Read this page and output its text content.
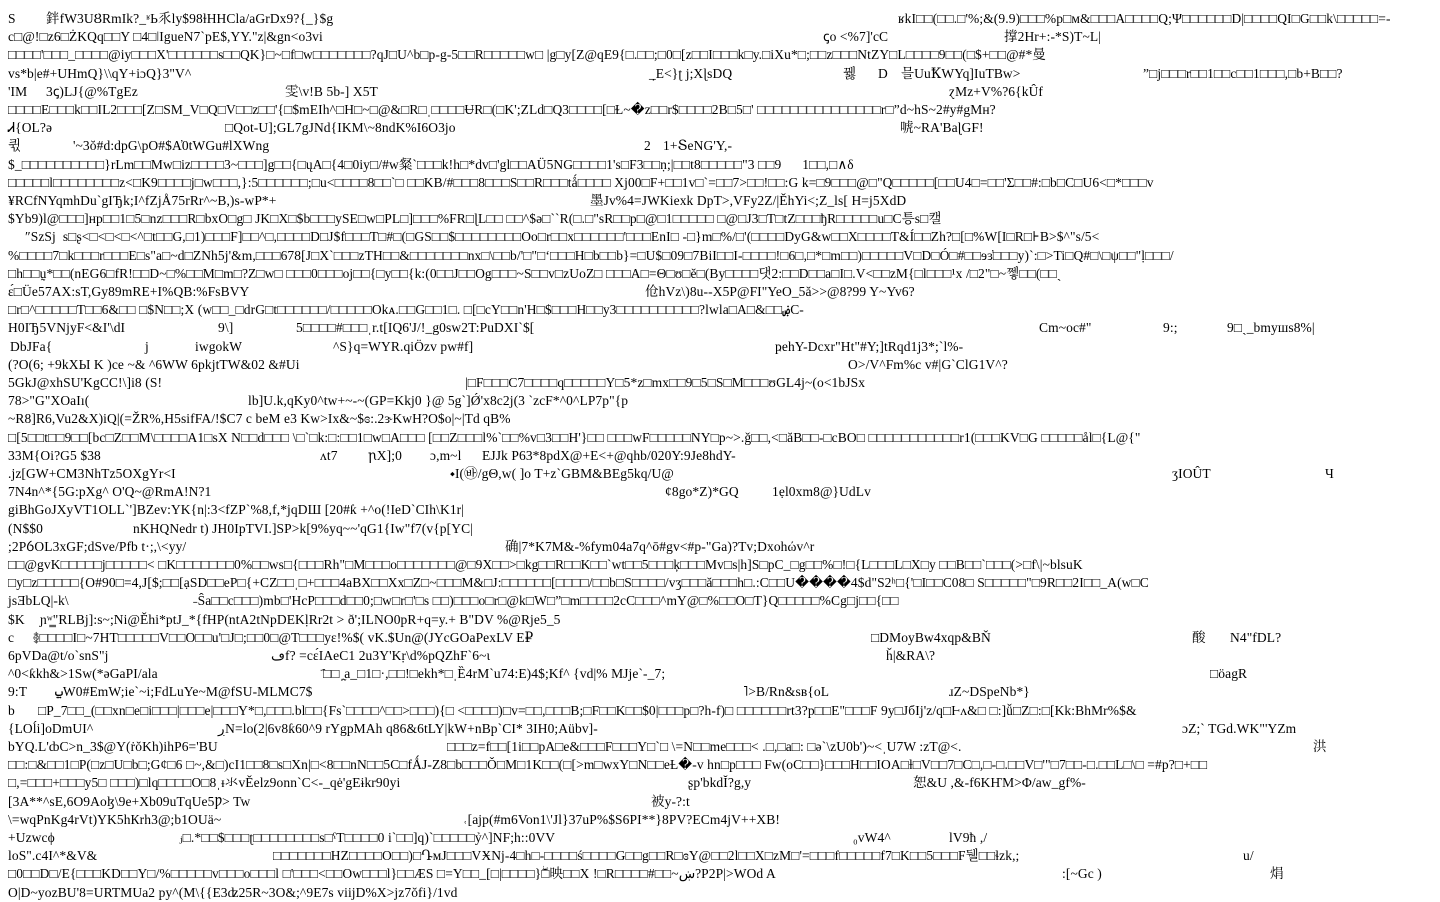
S 鉡fW3UȢRmIk?_ʶЬ乑ly$98ɫHHCla/aGrDx9?{_}$g	ʁkI□□(□□.□'%;&(9.9)□□□%p□м&□□□A□□□□Q;Ψ□□□□□□D|□□□□QI□G□□k\□□□□□=-
c□@!□z6□ŻKQq□□Y □4□ǀIgueN7`pE$,YY."z|&gn<o3vi	ꞔo <%7]'cC	撑2Hr+:-*S)T~L|
□□□□'□□□_□□□□@iy□□□X'□□□□□□s□□QK}□~□f□w□□□□□□□?qJ□U^b□p-g-5□□R□□□□□w□ |g□y[Z@qE9{□.□□;□0□[z□□I□□□k□y.□iXu*□;□□z□□□NtZY□L□□□□9□□(□$+□□@#*曼
vs*b|e#+UHmQ}\\qY+iɔQ}3"V^	݂_E<}ʈ j;XɭsDQ	꿿 D 믈UuꝀWYq]IuTBw>	”□j□□□r□□1□□c□□1□□□,□b+B□□?
'IM 3ꞔ)LJ{@%TgEz	雯\v!B 5b-] X5T	ɀMz+V%?6{kÛf
□□□□E□□□k□□IL2□□□[Z□SM_V□Q□V□□z□□'{□$mEIh^□H□~□@&□R□ˌ□□□□ɄR□(□K';ZLd□Q3□□□□[□Ɫ~�z□□r$□□□□2B□5□' □□□□□□□□□□□□□□□r□ˮd~hS~2#y#gMн?
Ꮧ{OL?ǝ	□Qot-U];GL7gJNd{IKM\~8ndK%I6O3jo	唬~RA'BaɭGF!
퀷	'~3ŏ#d:dpG\pO#$A̓0tWGu#lXWng	2 1+ՏeNG'Y,-
$_□□□□□□□□□□}rLm□□Mw□iz□□□□3~□□□]g□□{□ųA□{4□0iy□/#w粲`□□□k!h□*dv□'gl□□AÜ5NG□□□□1's□F3□□ṇ;|□□t8□□□□□"3 □□9      1□□,□∧δ
□□□□□l□□□□□□□□z<□K9□□□□j□w□□□,}:5□□□□□□;□u<□□□□8□□`□ □□KB/#□□□8□□□S□□R□□□tǻ□□□□ Xj00□F+□□1v□`=□□7>□□!□□:G k=□9□□□@□"Q□□□□□[□□U4□=□□'Σ□□#:□b□C□U6<□*□□□v
¥RCfNYqmhDu`gIЂk;I^fZjÅ75rRr^~B,)s-wP*+	墨Jv%4=JWKiexk DpT>,VFy2Z/|ĚhYi<;Z_ls[ H=j5XdD
$Yb9)l@□□□]нp□□1□5□nz□□□R□bxO□g□ JK□X□$b□□□ySE□w□PL□]□□□%FR□ɭL□□ □□^$ǝ□``R(□.□"sR□□p□@□1□□□□□ □@□J3□T□tZ□□□ђR□□□□□u□C틍s□캘
″SzSj  s□ʂ<□<□<□<^□t□□G,□1)□□□F]□□^□,□□□□D□J$f□□□T□#□(□GS□□$□□□□□□□□Oo□r□□x□□□□□□'□□□EnI□ -□}m□%/□'(□□□□DyG&w□□X□□□□T&Í□□Zh?□[□%W[I□R□⊦B>$^"s/5<
%□□□□7□k□□□r□□□E□s"a□~d□ZNh5j'&m,□□□678[J□X`□□□zTH□□&□□□□□□□nx□\□□b/'□"□ʻ□□□H□b□□b}=□U$□09□7BiI□□I-□□□□!□6□,□*□m□□)□□□□□V□D□Ó□#□□ɘɜ̓□□□y)`:□>Ti□Q#□\□ψ□□"ḷ□□□/
□h□□ṵ*□□(nEG6□fR!□□D~□%□□M□m□?Z□w□ □□□0□□□oj□□{□y□□{k:(0□□J□□Og□□□~S□□v□zUoZ□ □□□A□=Θ□ʊ□ĕ□(By□□□□댓2:□□D□□a□I□.V<□□ᴢM{□l□□□¹x /□2"□~쪃□□(□□ˏ
ɛ́□Üe57AX:sT,Gy89mRE+I%QB:%FsBVY	伧hVz\)8u--X5P@FI"YeO_5ă>>@8?99 Y~Yv6?
□r□^□□□□□T□□6&□□ □$N□□;X (w□□_□drG□t□□□□□□/□□□□□Okᴀ.□□G□□1□. □[□cY□□n'H□$□□□H□□y3□□□□□□□□□□?lwla□A□&□□ۻC-
H0IЂ5VNjyF<&I'\dI	9\]	5□□□□#□□□ˌr.t[IQ6'J/!_g0sw2T:PuDXI`$[	Cm~oc#"	9:;	9□ˏ_bmyшs8%|
DbJFa{	j	iwgokW	^S}q=WYR.qiÖzv pw#f]	ҏehY-Dcxr"Ht"#Y;]tRqd1j3*;`l%-
(?O(6; +9kХЫ K )ce ~& ^6WW 6pkjtTW&02 &#Ui	O>/V^Fm%c v#|G`ClG1V^?
5GkJ@xhSU'KgCC!\]i8 (S!	|□F□□□C7□□□□q□□□□□Y□5*z□mx□□9□5□S□M□□□ʊGL4j~(o<1bJSx
78>"G"XOaIı(	lb]U.k,qKy0^tw+~-~(GP=Kkj0 }@ 5g`]Ǿ'x8c2j(3 `zcF*^0^LP7p"{p
~R8]R6,Vu2&X)iQ|(=ŽR%,H5sifFA/!$C7 c beM e3 Kw>Ix&~$ɞ:.2ɝKwH?O$o|~|Td qB%
□[5□□t□□9□□[bc□Z□□M\□□□□A1□sX N□□d□□□ \□`□k:□:□□1□w□A□□□ [□□Z□□□l%`□□%v□3□□H'}□□ □□□wF□□□□□NY□p~>.ǧ□□,<□ăB□□-□cBO□ □□□□□□□□□□□r1(□□□KV□G □□□□□ål□{L@{"
33M{Oi?G5 $38	ʌt7 ꞃX];0 ɔ,m~l EJJk P63*8pdX@+E<+@qhb/020Y:9Je8hdY-
.jz[GW+CM3NhTz5OXgYr<I	⬩I(㉳/gΘ,w( ]o T+z`GBM&BEg5kq/U@	ʒIOÛT	Ч
7N4n^*{5G:pXg^ O'Q~@RmA!N?1	¢8go*Z)*GQ 1ẹl0xm8@}UdLv
giBhGoJXyVT1OLL`']BZev:YK{n|:3<fZP`%8,f,*jqDШ [20#ƙ +^o(!IeD`CIh\K1r|
(N$$0	nKHQNedr t) JH0IpTVI.]SP>k[9%yq~~'qG1{Iw"f7(v{p[YC|
;2PỽOL3xGF;dSve/Pfb t·;,\<yy/	确|7*K7M&-%fym04a7q^ō#gv<#p-"Ga)?Tv;Dxohώv^r
□□@gvK□□□□□j□□□□□< □K□□□□□□□0%□□ws□{□□□Rh"□M□□□o□□□□□□□@□9X□□>□kg□□R□□K□□`wt□□5□□□ķ□□□Mv□s|h]S□pC_□g□□%□!□{L□□□L□X□y □□B□□`□□□(>□f\|~blsuK
□y□z□□□□□{O#90□=4,J[$;□□[ạSD□□eP□{+CZ□□ˌ□+□□□4aBX□□Xx□Z□~□□□M&□J:□□□□□□[□□□□/□□b□S□□□□/vʒ□□□ă□□□h□.:C□□U����4$d"S2ʰ□{'□I□□C08□ S□□□□□"□9R□□2I□□_A(w□C
jsƎbLQ|-k\	˗Ŝa□□c□□□)mb□'HcP□□□d□□0;□w□r□'□s □□)□□□o□r□@k□W□ˮ□m□□□□2cC□□□^mY@□%□□O□T}Q□□□□□%Cg□j□□{□□
$K ɲʷ̳"RLBj]:s~;Ni@Ěhi*ptJ_*{fHP(ntA2tNpDEKḷRr2t > ð';ILNO0pR+q=y.+ B"DV %@Rje5_5
c ࿅□□□□I□~7HT□□□□□V□□O□□u'□J□;□□0□@T□□□yɛ!%$( vK.$Un@(JYcGOaPexLV E₽	□DMoyBw4xqp&BŇ	酸 N4"fDL?
6pVDa@t/o`snS"j	ڡf? =cɛ́IAeC1 2u3Y'Kṛ\d%pQZhF`6~ɩ	ȟ|&RA\?
^0<ƙkh&>1Sw(*ǝGaPI/ala	҄□□ˌ̰a_□1□·,□□!□ekh*□ˌȄ4rM`u74:E)4$;Kf^ {vd|% MJje`-_7;	□öagR
9:T ݐW0#EmW;ie`~i;FdLuYe~M@fSU-MLMC7$	˥>B/Rn&sʙ{oL	ɹZ~DSpeNb*}
b □P_7□□_(□□xn□e□i□□□|□□□e|□□□Y*□,□□□.bl□□{Fs`□□□□^□□>□□□){□ <□□□□)□v=□□,□□□B;□F□□K□□$0|□□□p□?h-f)□ □□□□□□rt3?p□□E"□□□F 9y□JбIj'z/q□Ⱶʌ&□ □:]ǚ□Z□:□[Kk:BhMr%$&
{LOĺi]oDmUI^	ڔN=lo(2|6v8ƙ60^9 rYgpMAh q86&6tLY|kW+nBp`CI* 3IH0;Aübv]-	ɔZ;` TGd.WK"'YZm
bYQ.L'ȸC>n_3$@Y(ṙŏKh)ihP6='BU	□□□z=f□□[1i□□pA□e&□□□F□□□Y□`□ \=N□□me□□□< .□,□a□: □ǝ`\zU0b')~<ˌU7W :zT@<.	洪
□□:□&□□1□P(□z□U□b□;Gȼ□6 □~,&□)cI1□□8□s□Xn|□<8□□nN□□5C□fǺJ-Z8□b□□□Ǒ□M□1K□□(□[>m□wxY□N□□eȽ�-v hn□p□□□ Fw(oC□□}□□□H□□IOA□ƚ□V□□7□C□,□-□.□□V□'"□7□□-□.□□L□\□ =#p?□+□□
□,=□□□+□□□y5□ □□□)□lq□□□□O□8ˌᵻ氺vĚelz9onn`C<-_qė'gEɨkr90yi	ʂp'bkdĬ?g,y	恕&U ,&-f6KҤM>Φ/aw_gf%-
[3A**^sE,6O9Aoɮ\9e+Xb09uTqUe5Ƿ> Tw	被y-?:t
\=wqPnKg4rVt)YK5hКrh3@;b1OUä~	˓[ajp(#m6Von1\'Jl}37uP%$S6PI**}8PV?ECm4jV++XB!
+Uzwcϕ	ⱼ□.*□□$□□□ʈ□□□□□□□□s□ˤT□□□□0 i`□□]q)`□□□□□ỷ^]NF;h::0VV	₀vW4^	lV9ћ ,/
loS".c4I^*&V&	□□□□□□□HZ□□□□O□□)□ԴᴍJ□□□VӾNj-4□h□-□□□□ś□□□□G□□g□□R□ɞY@□□2l□□X□zM□'=□□□f□□□□□f7□K□□5□□□F뒐□□ɬzk,;	u/
□0□□D□/E{□□□KD□□Y□/%□□□□□v□□□o□□□l □'□□□<□□Ow□□□l}□□ӔS □=Y□□_[□|□□□□}ۖ□映□□X !□R□□□□#□□~ښ?P2P|>WOd A	:[~Gc )	焆
O|D~yozBU'8=URTMUa2 py^(M\{{E3ʣ25R~3O&;^9E7s viijD%X>jz7ŏfi}/1vd
